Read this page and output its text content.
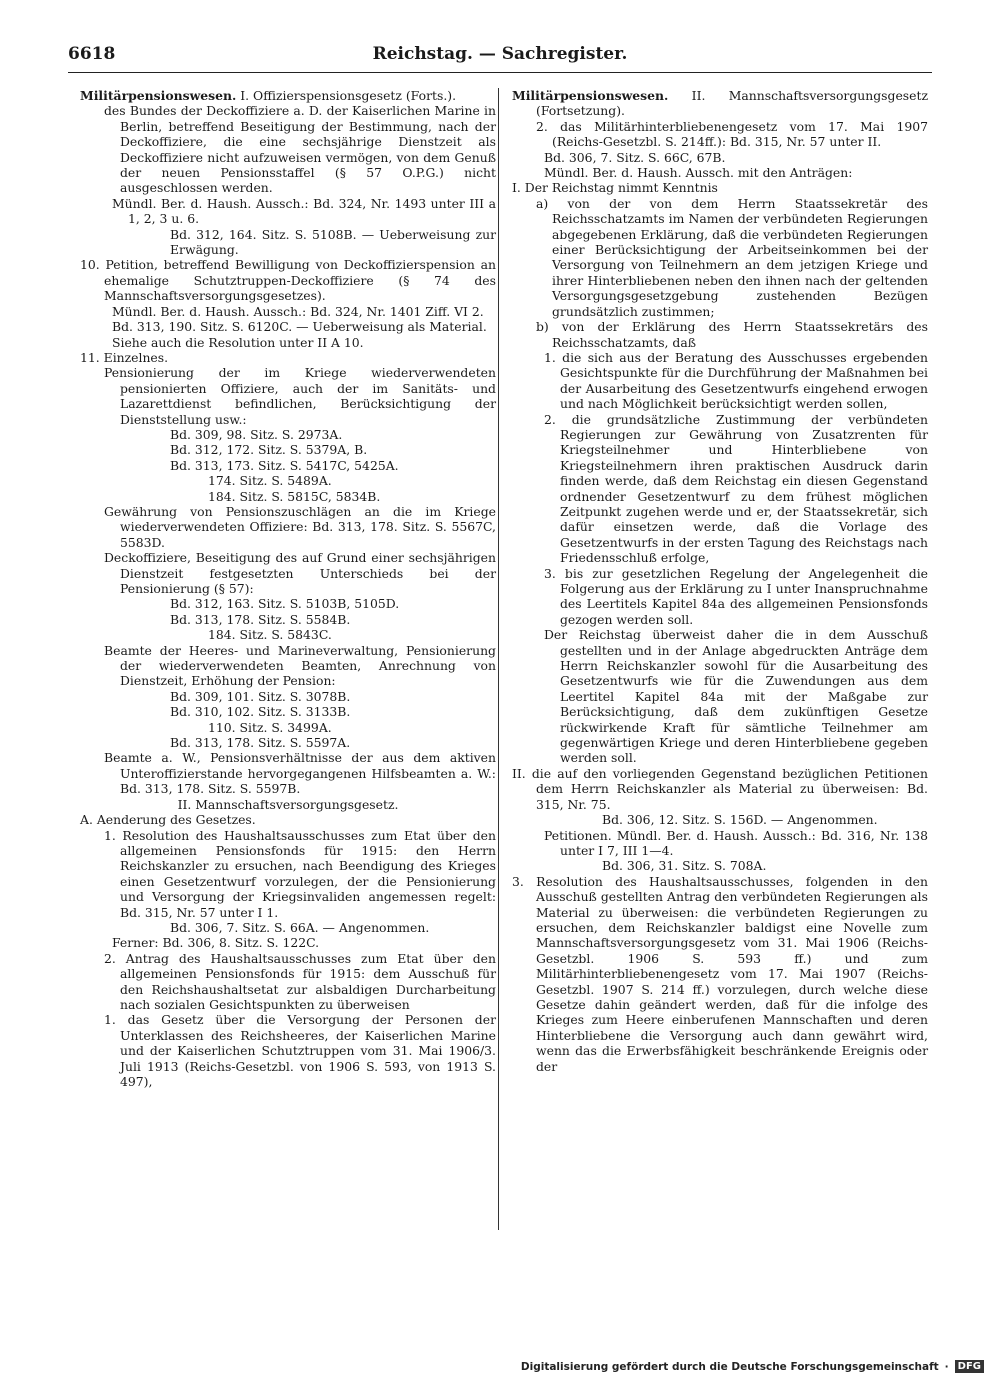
6618	Reichstag. — Sachregister.
Militärpensionswesen. I. Offizierspensionsgesetz (Forts.).
des Bundes der Deckoffiziere a. D. der Kaiserlichen Marine in Berlin, betreffend Beseitigung der Bestimmung, nach der Deckoffiziere, die eine sechsjährige Dienstzeit als Deckoffiziere nicht aufzuweisen vermögen, von dem Genuß der neuen Pensionsstaffel (§ 57 O.P.G.) nicht ausgeschlossen werden.
Mündl. Ber. d. Haush. Aussch.: Bd. 324, Nr. 1493 unter III a 1, 2, 3 u. 6.
Bd. 312, 164. Sitz. S. 5108B. — Ueberweisung zur Erwägung.
10. Petition, betreffend Bewilligung von Deckoffizierspension an ehemalige Schutztruppen-Deckoffiziere (§ 74 des Mannschaftsversorgungsgesetzes).
Mündl. Ber. d. Haush. Aussch.: Bd. 324, Nr. 1401 Ziff. VI 2.
Bd. 313, 190. Sitz. S. 6120C. — Ueberweisung als Material.
Siehe auch die Resolution unter II A 10.
11. Einzelnes.
Pensionierung der im Kriege wiederverwendeten pensionierten Offiziere, auch der im Sanitäts- und Lazarettdienst befindlichen, Berücksichtigung der Dienststellung usw.:
Bd. 309, 98. Sitz. S. 2973A.
Bd. 312, 172. Sitz. S. 5379A, B.
Bd. 313, 173. Sitz. S. 5417C, 5425A.
174. Sitz. S. 5489A.
184. Sitz. S. 5815C, 5834B.
Gewährung von Pensionszuschlägen an die im Kriege wiederverwendeten Offiziere: Bd. 313, 178. Sitz. S. 5567C, 5583D.
Deckoffiziere, Beseitigung des auf Grund einer sechsjährigen Dienstzeit festgesetzten Unterschieds bei der Pensionierung (§ 57):
Bd. 312, 163. Sitz. S. 5103B, 5105D.
Bd. 313, 178. Sitz. S. 5584B.
184. Sitz. S. 5843C.
Beamte der Heeres- und Marineverwaltung, Pensionierung der wiederverwendeten Beamten, Anrechnung von Dienstzeit, Erhöhung der Pension:
Bd. 309, 101. Sitz. S. 3078B.
Bd. 310, 102. Sitz. S. 3133B.
110. Sitz. S. 3499A.
Bd. 313, 178. Sitz. S. 5597A.
Beamte a. W., Pensionsverhältnisse der aus dem aktiven Unteroffizierstande hervorgegangenen Hilfsbeamten a. W.: Bd. 313, 178. Sitz. S. 5597B.
II. Mannschaftsversorgungsgesetz.
A. Aenderung des Gesetzes.
1. Resolution des Haushaltsausschusses zum Etat über den allgemeinen Pensionsfonds für 1915: den Herrn Reichskanzler zu ersuchen, nach Beendigung des Krieges einen Gesetzentwurf vorzulegen, der die Pensionierung und Versorgung der Kriegsinvaliden angemessen regelt: Bd. 315, Nr. 57 unter I 1.
Bd. 306, 7. Sitz. S. 66A. — Angenommen.
Ferner: Bd. 306, 8. Sitz. S. 122C.
2. Antrag des Haushaltsausschusses zum Etat über den allgemeinen Pensionsfonds für 1915: dem Ausschuß für den Reichshaushaltsetat zur alsbaldigen Durcharbeitung nach sozialen Gesichtspunkten zu überweisen
1. das Gesetz über die Versorgung der Personen der Unterklassen des Reichsheeres, der Kaiserlichen Marine und der Kaiserlichen Schutztruppen vom 31. Mai 1906/3. Juli 1913 (Reichs-Gesetzbl. von 1906 S. 593, von 1913 S. 497),
Militärpensionswesen. II. Mannschaftsversorgungsgesetz (Fortsetzung).
2. das Militärhinterbliebenengesetz vom 17. Mai 1907 (Reichs-Gesetzbl. S. 214ff.): Bd. 315, Nr. 57 unter II.
Bd. 306, 7. Sitz. S. 66C, 67B.
Mündl. Ber. d. Haush. Aussch. mit den Anträgen:
I. Der Reichstag nimmt Kenntnis
a) von der von dem Herrn Staatssekretär des Reichsschatzamts im Namen der verbündeten Regierungen abgegebenen Erklärung, daß die verbündeten Regierungen einer Berücksichtigung der Arbeitseinkommen bei der Versorgung von Teilnehmern an dem jetzigen Kriege und ihrer Hinterbliebenen neben den ihnen nach der geltenden Versorgungsgesetzgebung zustehenden Bezügen grundsätzlich zustimmen;
b) von der Erklärung des Herrn Staatssekretärs des Reichsschatzamts, daß
1. die sich aus der Beratung des Ausschusses ergebenden Gesichtspunkte für die Durchführung der Maßnahmen bei der Ausarbeitung des Gesetzentwurfs eingehend erwogen und nach Möglichkeit berücksichtigt werden sollen,
2. die grundsätzliche Zustimmung der verbündeten Regierungen zur Gewährung von Zusatzrenten für Kriegsteilnehmer und Hinterbliebene von Kriegsteilnehmern ihren praktischen Ausdruck darin finden werde, daß dem Reichstag ein diesen Gegenstand ordnender Gesetzentwurf zu dem frühest möglichen Zeitpunkt zugehen werde und er, der Staatssekretär, sich dafür einsetzen werde, daß die Vorlage des Gesetzentwurfs in der ersten Tagung des Reichstags nach Friedensschluß erfolge,
3. bis zur gesetzlichen Regelung der Angelegenheit die Folgerung aus der Erklärung zu I unter Inanspruchnahme des Leertitels Kapitel 84a des allgemeinen Pensionsfonds gezogen werden soll.
Der Reichstag überweist daher die in dem Ausschuß gestellten und in der Anlage abgedruckten Anträge dem Herrn Reichskanzler sowohl für die Ausarbeitung des Gesetzentwurfs wie für die Zuwendungen aus dem Leertitel Kapitel 84a mit der Maßgabe zur Berücksichtigung, daß dem zukünftigen Gesetze rückwirkende Kraft für sämtliche Teilnehmer am gegenwärtigen Kriege und deren Hinterbliebene gegeben werden soll.
II. die auf den vorliegenden Gegenstand bezüglichen Petitionen dem Herrn Reichskanzler als Material zu überweisen: Bd. 315, Nr. 75.
Bd. 306, 12. Sitz. S. 156D. — Angenommen.
Petitionen. Mündl. Ber. d. Haush. Aussch.: Bd. 316, Nr. 138 unter I 7, III 1—4.
Bd. 306, 31. Sitz. S. 708A.
3. Resolution des Haushaltsausschusses, folgenden in den Ausschuß gestellten Antrag den verbündeten Regierungen als Material zu überweisen: die verbündeten Regierungen zu ersuchen, dem Reichskanzler baldigst eine Novelle zum Mannschaftsversorgungsgesetz vom 31. Mai 1906 (Reichs-Gesetzbl. 1906 S. 593 ff.) und zum Militärhinterbliebenengesetz vom 17. Mai 1907 (Reichs-Gesetzbl. 1907 S. 214 ff.) vorzulegen, durch welche diese Gesetze dahin geändert werden, daß für die infolge des Krieges zum Heere einberufenen Mannschaften und deren Hinterbliebene die Versorgung auch dann gewährt wird, wenn das die Erwerbsfähigkeit beschränkende Ereignis oder der
Digitalisierung gefördert durch die Deutsche Forschungsgemeinschaft · DFG
